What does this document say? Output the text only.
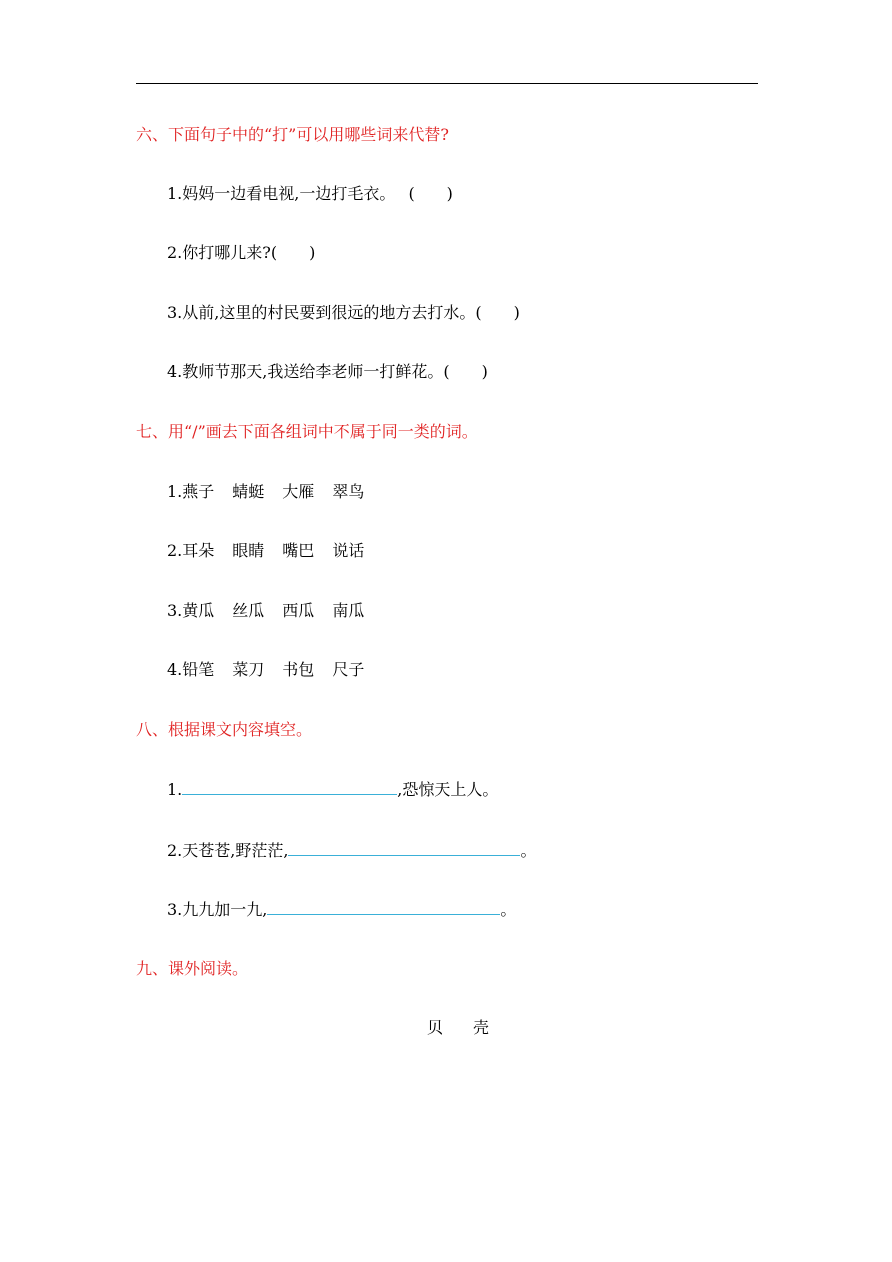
六、下面句子中的“打”可以用哪些词来代替?
1.妈妈一边看电视,一边打毛衣。　 (　　)
2.你打哪儿来?(　　)
3.从前,这里的村民要到很远的地方去打水。(　　)
4.教师节那天,我送给李老师一打鲜花。(　　)
七、用“/”画去下面各组词中不属于同一类的词。
1.燕子 蜻蜓 大雁 翠鸟
2.耳朵 眼睛 嘴巴 说话
3.黄瓜 丝瓜 西瓜 南瓜
4.铅笔 菜刀 书包 尺子
八、根据课文内容填空。
1.	,恐惊天上人。
2.天苍苍,野茫茫,	。
3.九九加一九,	。
九、课外阅读。
贝壳
